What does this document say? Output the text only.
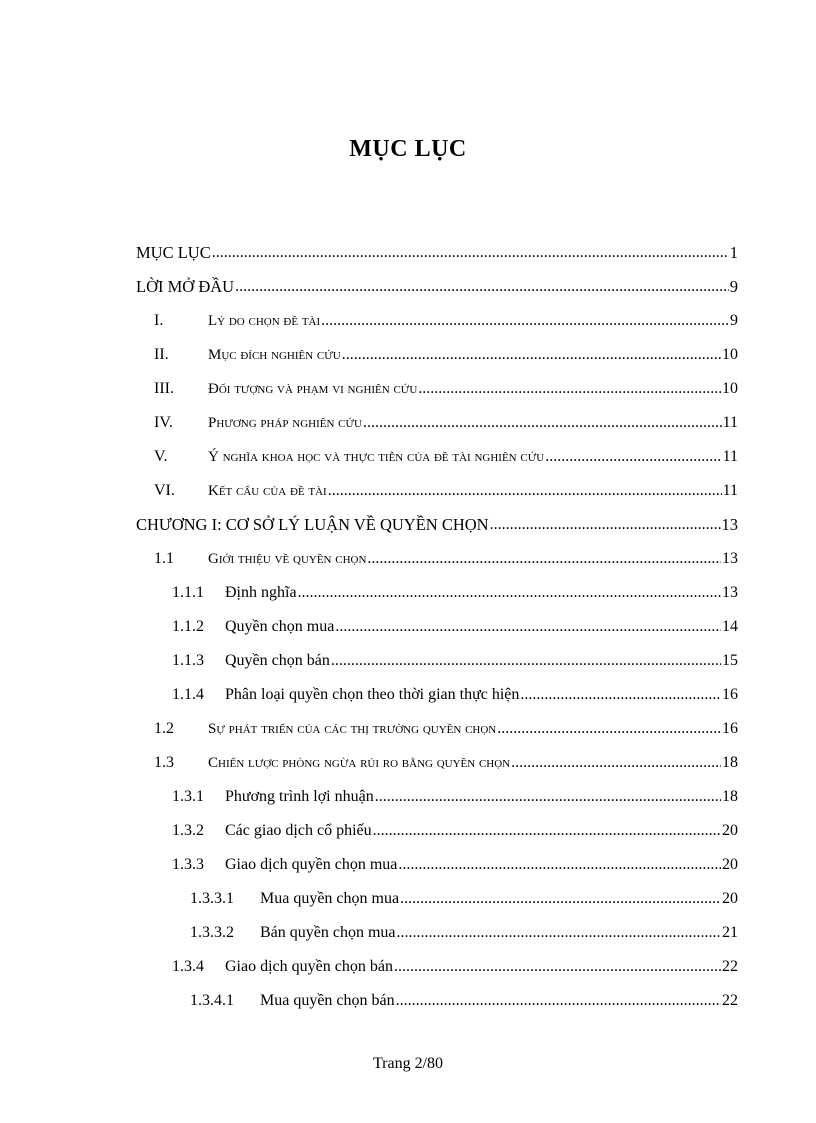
MỤC LỤC
MỤC LỤC .....	1
LỜI MỞ ĐẦU .....	9
I.	Lý do chọn đề tài .....	9
II.	Mục đích nghiên cứu .....	10
III.	Đối tượng và phạm vi nghiên cứu .....	10
IV.	Phương pháp nghiên cứu .....	11
V.	Ý nghĩa khoa học và thực tiễn của đề tài nghiên cứu .....	11
VI.	Kết cấu của đề tài .....	11
CHƯƠNG I: CƠ SỞ LÝ LUẬN VỀ QUYỀN CHỌN .....	13
1.1	Giới thiệu về quyền chọn .....	13
1.1.1	Định nghĩa .....	13
1.1.2	Quyền chọn mua .....	14
1.1.3	Quyền chọn bán .....	15
1.1.4	Phân loại quyền chọn theo thời gian thực hiện .....	16
1.2	Sự phát triển của các thị trường quyền chọn .....	16
1.3	Chiến lược phòng ngừa rủi ro bằng quyền chọn .....	18
1.3.1	Phương trình lợi nhuận .....	18
1.3.2	Các giao dịch cổ phiếu .....	20
1.3.3	Giao dịch quyền chọn mua .....	20
1.3.3.1	Mua quyền chọn mua .....	20
1.3.3.2	Bán quyền chọn mua .....	21
1.3.4	Giao dịch quyền chọn bán .....	22
1.3.4.1	Mua quyền chọn bán .....	22
Trang 2/80
